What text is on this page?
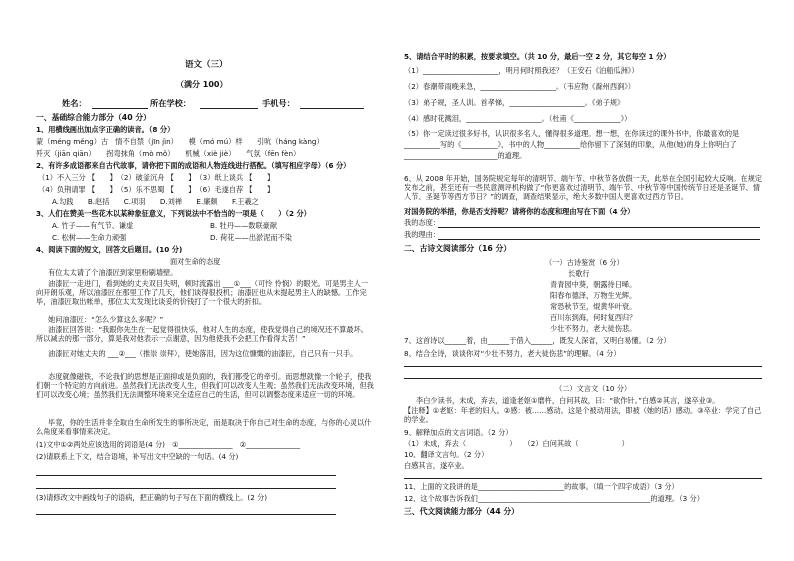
语文（三）
（满分 100）
姓名：	所在学校：	手机号：
一、基础综合能力部分（40 分）
1、用横线画出加点字正确的读音。（8 分）
蒙（méng měng）古　情不自禁（jīn jìn）　　模（mó mú）样　　引吭（háng kàng）
歼灭（jiān qiān）　　拐弯抹角（mò mǒ）　　机械（xiè jiè）　　气氛（fēn fèn）
2、有许多成语都来自古代故事，请你把下面的成语和人物连线进行搭配。（填写相应字母）（6 分）
（1）不入三分 【　　】　（2）破釜沉舟 【　　】　（3）纸上谈兵 【　　】
（4）负荆请罪 【　　】　（5）乐不思蜀 【　　】　（6）毛遂自荐 【　　】
A.勾践　　B.赵括　　C.项羽　　D.刘禅　　E.廉颇　　F.王羲之
3、人们在赞美一些花木以某种象征意义，下列说法中不恰当的一项是（　　）（2 分）
A. 竹子——有气节、谦虚	B. 牡丹——数联豪献
C. 松树——生命力顽强	D. 荷花——出淤泥而不染
4、阅读下面的短文，回答文后题目。(10 分)
面对生命的态度
有位太太请了个油漆匠到家里粉刷墙壁。
油漆匠一走进门，看到她的丈夫双目失明，顿时流露出 ___①___（可怜 怜悯）的眼光。可是男主人一向开朗乐观，所以油漆匠在那里工作了几天，他们谈得很投机；油漆匠也从未提起男主人的缺憾。工作完毕，油漆匠取出帐单，那位太太发现比谈妥的价钱打了一个很大的折扣。
她问油漆匠：“怎么少算这么多呢？”
油漆匠回答说：“我跟你先生在一起觉得很快乐，他对人生的态度，使我觉得自己的境况还不算最坏。所以减去的那一部分，算是我对他表示一点谢意，因为他使我不会把工作看得太苦！”
油漆匠对她丈夫的 ___②___（推崇 崇拜），使她落泪，因为这位慷慨的油漆匠，自己只有一只手。
态度就像磁铁，不论我们的思想是正面抑或是负面的，我们都受它的牵引。而思想就像一个轮子，使我们朝一个特定的方向前进。虽然我们无法改变人生，但我们可以改变人生观；虽然我们无法改变环境，但我们可以改变心境；虽然我们无法调整环境来完全适应自己的生活，但可以调整态度来适应一切的环境。
毕竟，你的生活并非全取自生命所发生的事所决定，而是取决于你自己对生命的态度，与你的心灵以什么角度来看事情来决定。
(1)文中①②两处应该选用的词语是(4 分)　①_______________　②_______________
(2)请联系上下文，结合语境，补写出文中空缺的一句话。(4 分)
(3)请修改文中画线句子的语病，把正确的句子写在下面的横线上。(2 分)
5、请结合平时的积累，按要求填空。（共 10 分，最后一空 2 分，其它每空 1 分）
（1）_____________________，明月何时照我还？（王安石《泊船瓜洲》）
（2）春潮带雨晚来急，_____________________。（韦应物《滁州西涧》）
（3）弟子规，圣人训。首孝悌，_____________________。《弟子规》
（4）感时花溅泪，_____________________。（杜甫《_____________》）
（5）你一定读过很多好书，认识很多名人，懂得很多道理。想一想，在你读过的课外书中，你最喜欢的是__________写的《__________》，书中的人物__________给你留下了深刻的印象，从他(她)的身上你明白了__________________________的道理。
6、从 2008 年开始，国务院规定每年的清明节、端午节、中秋节各放假一天，此举在全国引起较大反响。在规定发布之前，甚至还有一些民意测评机构做了“你更喜欢过清明节、端午节、中秋节等中国传统节日还是圣诞节、情人节、圣诞节等西方节日？”的调查，调查结果显示，绝大多数中国人更喜欢过西方节日。
对国务院的举措，你是否支持呢？请将你的态度和理由写在下面（4 分）
我的态度：
我的理由：
二、古诗文阅读部分（16 分）
（一）古诗鉴赏（6 分）
长歌行
青青园中葵，朝露待日晞。
阳春布德泽，万物生光辉。
常恐秋节至，焜黄华叶衰。
百川东到海，何时复西归？
少壮不努力，老大徒伤悲。
7、这首诗以______着，由______于借入______，既发人深省，又明白易懂。（2 分）
8、结合全诗，谈谈你对“少壮不努力，老大徒伤悲”的理解。（4 分）
（二）文言文（10 分）
李白少读书，未成，弃去，道逢老妪①磨杵，白问其故，曰：“欲作针。”白感②其言，遂卒业③。
【注释】①老妪：年老的妇人。②感：被……感动。这是个被动用法，即被（她的话）感动。③卒业：学完了自己的学业。
9、解释加点的文言词语。（2 分）
（1）未成，弃去（　　　　　　）　　（2）白问其故（　　　　　　）
10、翻译文言句。（2 分）
白感其言，遂卒业。
11、上面的文段讲的是________________________的故事。（填一个四字成语）（3 分）
12、这个故事告诉我们________________________________________________的道理。（3 分）
三、代文阅读能力部分（44 分）
